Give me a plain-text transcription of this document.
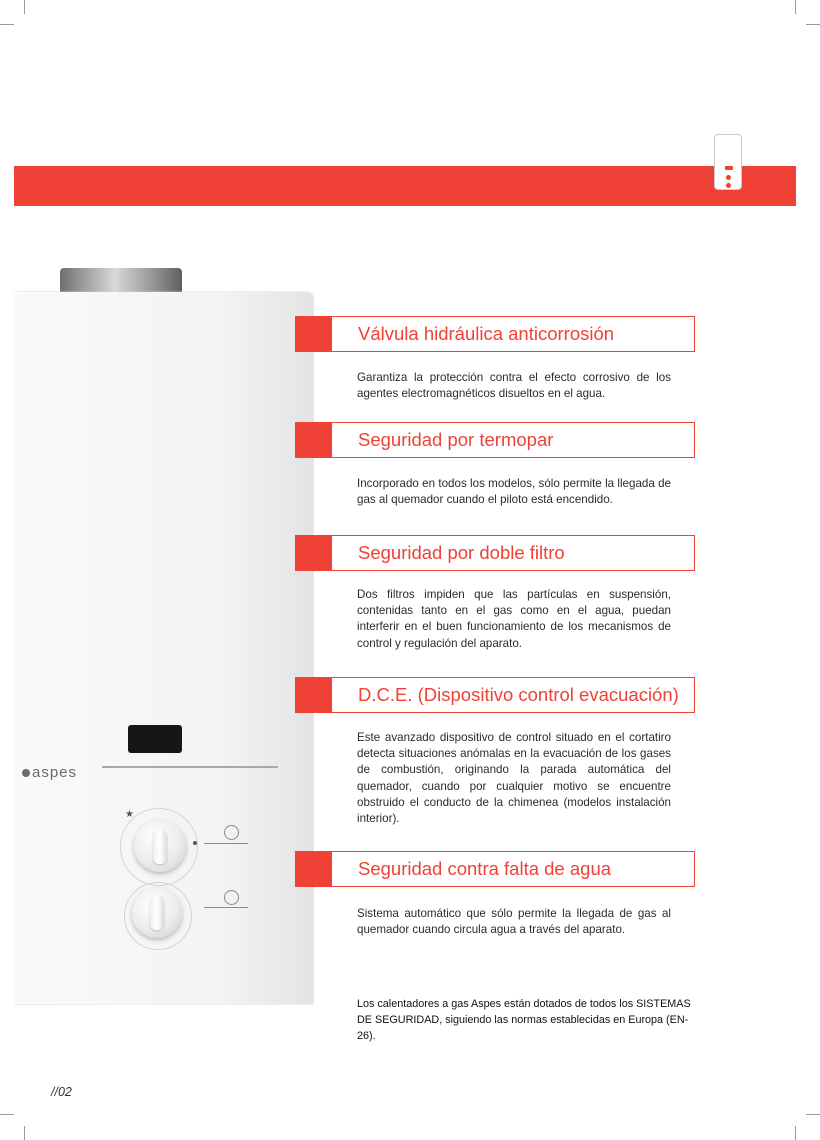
aspes
★
Válvula hidráulica anticorrosión

Garantiza la protección contra el efecto corrosivo de los agentes electromagnéticos disueltos en el agua.

Seguridad por termopar

Incorporado en todos los modelos, sólo permite la llegada de gas al quemador cuando el piloto está encendido.

Seguridad por doble filtro

Dos filtros impiden que las partículas en suspensión, contenidas tanto en el gas como en el agua, puedan interferir en el buen funcionamiento de los mecanismos de control y regulación del aparato.

D.C.E. (Dispositivo control evacuación)

Este avanzado dispositivo de control situado en el cortatiro detecta situaciones anómalas en la evacuación de los gases de combustión, originando la parada automática del quemador, cuando por cualquier motivo se encuentre obstruido el conducto de la chimenea (modelos instalación interior).

Seguridad contra falta de agua

Sistema automático que sólo permite la llegada de gas al quemador cuando circula agua a través del aparato.

Los calentadores a gas Aspes están dotados de todos los SISTEMAS DE SEGURIDAD, siguiendo las normas establecidas en Europa (EN-26).

//02
